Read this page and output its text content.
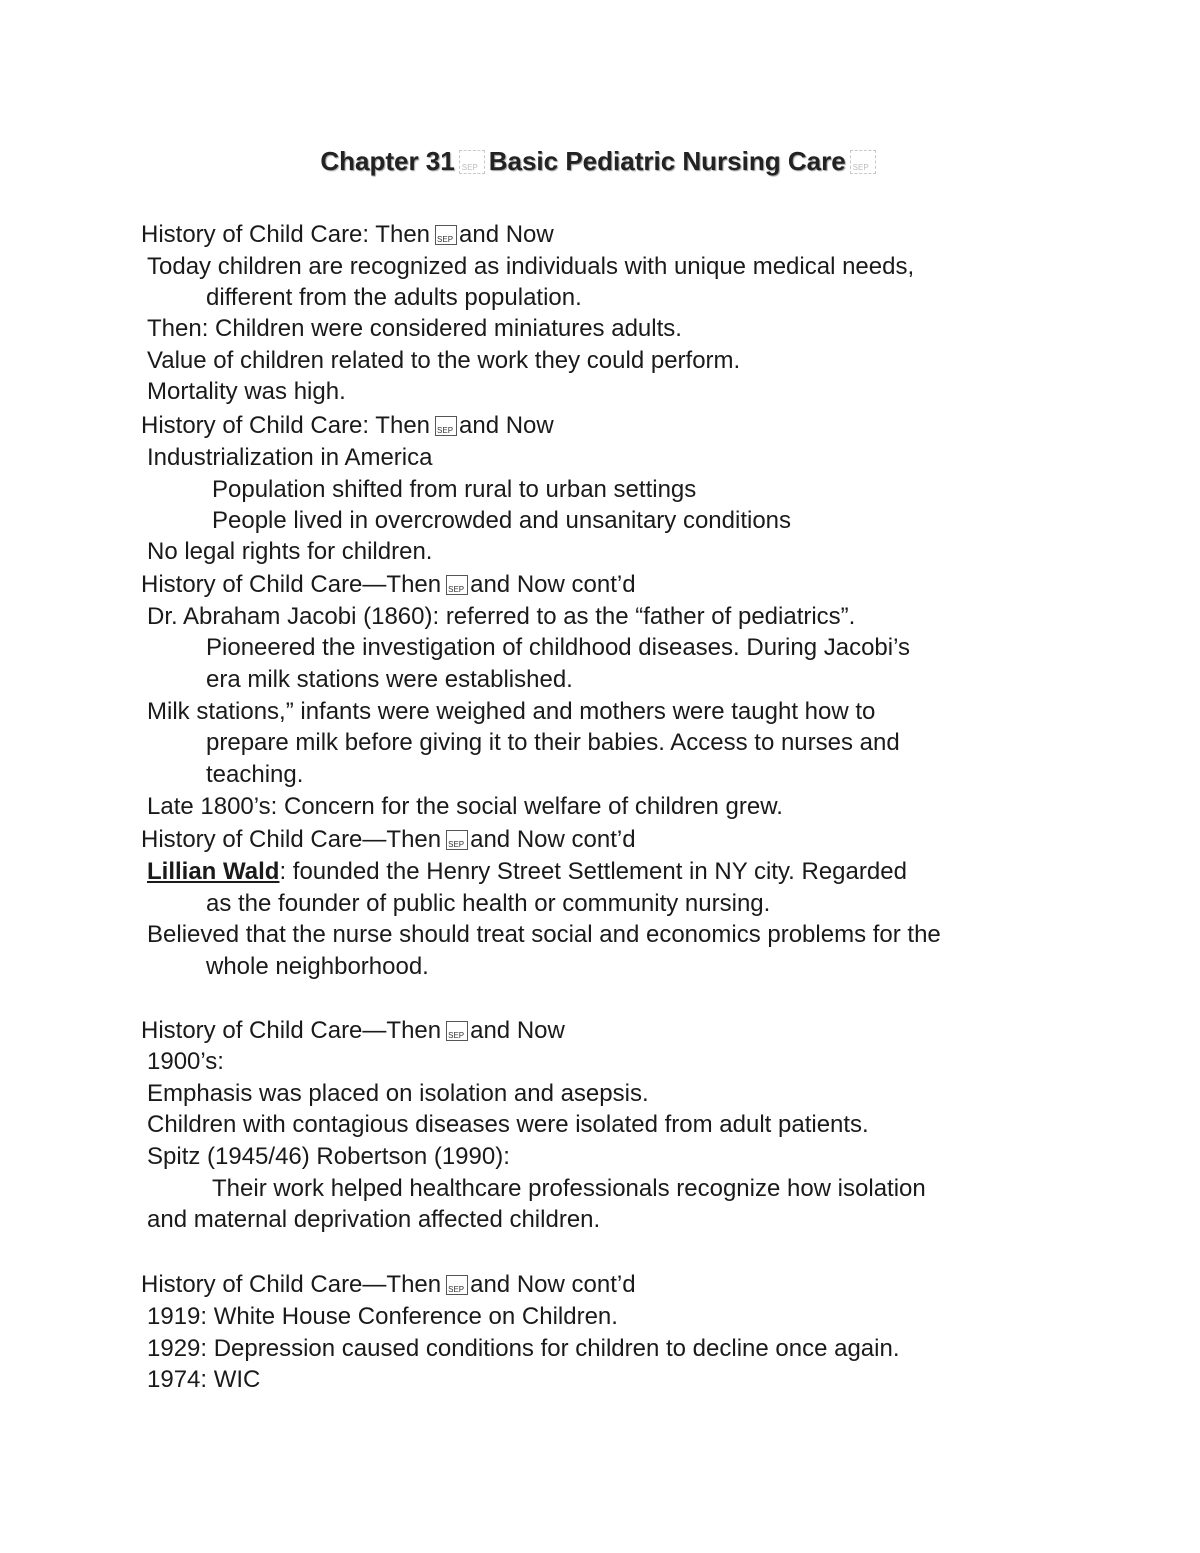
Chapter 31 SEP Basic Pediatric Nursing CareSEP
History of Child Care: Then SEP and Now
Today children are recognized as individuals with unique medical needs,
different from the adults population.
Then: Children were considered miniatures adults.
Value of children related to the work they could perform.
Mortality was high.
History of Child Care: Then SEP and Now
Industrialization in America
Population shifted from rural to urban settings
People lived in overcrowded and unsanitary conditions
No legal rights for children.
History of Child Care—Then SEP and Now cont’d
Dr. Abraham Jacobi (1860): referred to as the “father of pediatrics”.
Pioneered the investigation of childhood diseases. During Jacobi’s
era milk stations were established.
Milk stations,” infants were weighed and mothers were taught how to
prepare milk before giving it to their babies. Access to nurses and
teaching.
Late 1800’s: Concern for the social welfare of children grew.
History of Child Care—Then SEP and Now cont’d
Lillian Wald: founded the Henry Street Settlement in NY city. Regarded
as the founder of public health or community nursing.
Believed that the nurse should treat social and economics problems for the
whole neighborhood.
History of Child Care—Then SEP and Now
1900’s:
Emphasis was placed on isolation and asepsis.
Children with contagious diseases were isolated from adult patients.
Spitz (1945/46) Robertson (1990):
Their work helped healthcare professionals recognize how isolation
and maternal deprivation affected children.
History of Child Care—Then SEP and Now cont’d
1919: White House Conference on Children.
1929: Depression caused conditions for children to decline once again.
1974: WIC
